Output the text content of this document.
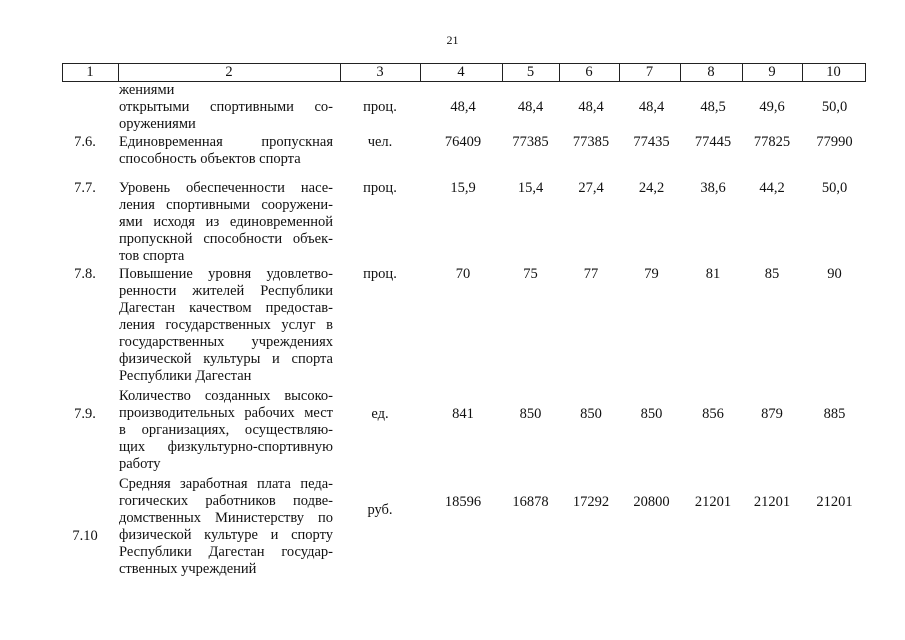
21
1	2	3	4	5	6	7	8	9	10
жениями
открытыми спортивными со-
оружениями
проц.	48,4	48,4	48,4	48,4	48,5	49,6	50,0
7.6.	Единовременная пропускная
способность объектов спорта
чел.	76409	77385	77385	77435	77445	77825	77990
7.7.	Уровень обеспеченности насе-
ления спортивными сооружени-
ями исходя из единовременной
пропускной способности объек-
тов спорта
проц.	15,9	15,4	27,4	24,2	38,6	44,2	50,0
7.8.	Повышение уровня удовлетво-
ренности жителей Республики
Дагестан качеством предостав-
ления государственных услуг в
государственных учреждениях
физической культуры и спорта
Республики Дагестан
проц.	70	75	77	79	81	85	90
7.9.
Количество созданных высоко-
производительных рабочих мест
в организациях, осуществляю-
щих физкультурно-спортивную
работу
ед.	841	850	850	850	856	879	885
7.10
Средняя заработная плата педа-
гогических работников подве-
домственных Министерству по
физической культуре и спорту
Республики Дагестан государ-
ственных учреждений
руб.	18596	16878	17292	20800	21201	21201	21201
